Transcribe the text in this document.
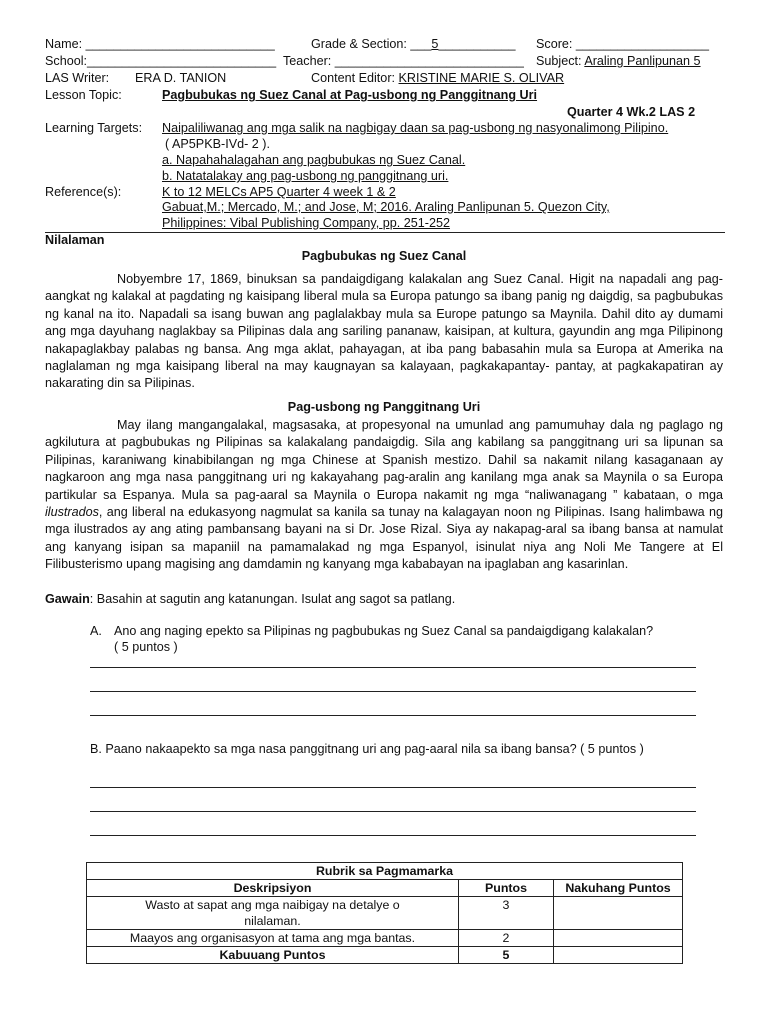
Name: ___________________________	Grade & Section: ___5___________ Score: ___________________
School:___________________________ Teacher: ___________________________ Subject: Araling Panlipunan 5
LAS Writer: ERA D. TANION	Content Editor: KRISTINE MARIE S. OLIVAR
Lesson Topic:	Pagbubukas ng Suez Canal at Pag-usbong ng Panggitnang Uri
Quarter 4 Wk.2 LAS 2
Learning Targets: Naipaliliwanag ang mga salik na nagbigay daan sa pag-usbong ng nasyonalimong Pilipino.
( AP5PKB-IVd- 2 ).
a. Napahahalagahan ang pagbubukas ng Suez Canal.
b. Natatalakay ang pag-usbong ng panggitnang uri.
Reference(s):	K to 12 MELCs AP5 Quarter 4 week 1 & 2
Gabuat,M.; Mercado, M.; and Jose, M; 2016. Araling Panlipunan 5. Quezon City,
Philippines: Vibal Publishing Company, pp. 251-252
Nilalaman
Pagbubukas ng Suez Canal

Nobyembre 17, 1869, binuksan sa pandaigdigang kalakalan ang Suez Canal. Higit na napadali ang pag-aangkat ng kalakal at pagdating ng kaisipang liberal mula sa Europa patungo sa ibang panig ng daigdig, sa pagbubukas ng kanal na ito. Napadali sa isang buwan ang paglalakbay mula sa Europe patungo sa Maynila. Dahil dito ay dumami ang mga dayuhang naglakbay sa Pilipinas dala ang sariling pananaw, kaisipan, at kultura, gayundin ang mga Pilipinong nakapaglakbay palabas ng bansa. Ang mga aklat, pahayagan, at iba pang babasahin mula sa Europa at Amerika na naglalaman ng mga kaisipang liberal na may kaugnayan sa kalayaan, pagkakapantay- pantay, at pagkakapatiran ay nakarating din sa Pilipinas.

Pag-usbong ng Panggitnang Uri

May ilang mangangalakal, magsasaka, at propesyonal na umunlad ang pamumuhay dala ng paglago ng agkilutura at pagbubukas ng Pilipinas sa kalakalang pandaigdig. Sila ang kabilang sa panggitnang uri sa lipunan sa Pilipinas, karaniwang kinabibilangan ng mga Chinese at Spanish mestizo. Dahil sa nakamit nilang kasaganaan ay nagkaroon ang mga nasa panggitnang uri ng kakayahang pag-aralin ang kanilang mga anak sa Maynila o sa Europa partikular sa Espanya. Mula sa pag-aaral sa Maynila o Europa nakamit ng mga “naliwanagang ” kabataan, o mga ilustrados, ang liberal na edukasyong nagmulat sa kanila sa tunay na kalagayan noon ng Pilipinas. Isang halimbawa ng mga ilustrados ay ang ating pambansang bayani na si Dr. Jose Rizal. Siya ay nakapag-aral sa ibang bansa at namulat ang kanyang isipan sa mapaniil na pamamalakad ng mga Espanyol, isinulat niya ang Noli Me Tangere at El Filibusterismo upang magising ang damdamin ng kanyang mga kababayan na ipaglaban ang kasarinlan.

Gawain: Basahin at sagutin ang katanungan. Isulat ang sagot sa patlang.
A. Ano ang naging epekto sa Pilipinas ng pagbubukas ng Suez Canal sa pandaigdigang kalakalan?
( 5 puntos )
B. Paano nakaapekto sa mga nasa panggitnang uri ang pag-aaral nila sa ibang bansa? ( 5 puntos )
Rubrik sa Pagmamarka		
Deskripsiyon	Puntos	Nakuhang Puntos
Wasto at sapat ang mga naibigay na detalye o
nilalaman.	3	
Maayos ang organisasyon at tama ang mga bantas.	2	
Kabuuang Puntos	5	
